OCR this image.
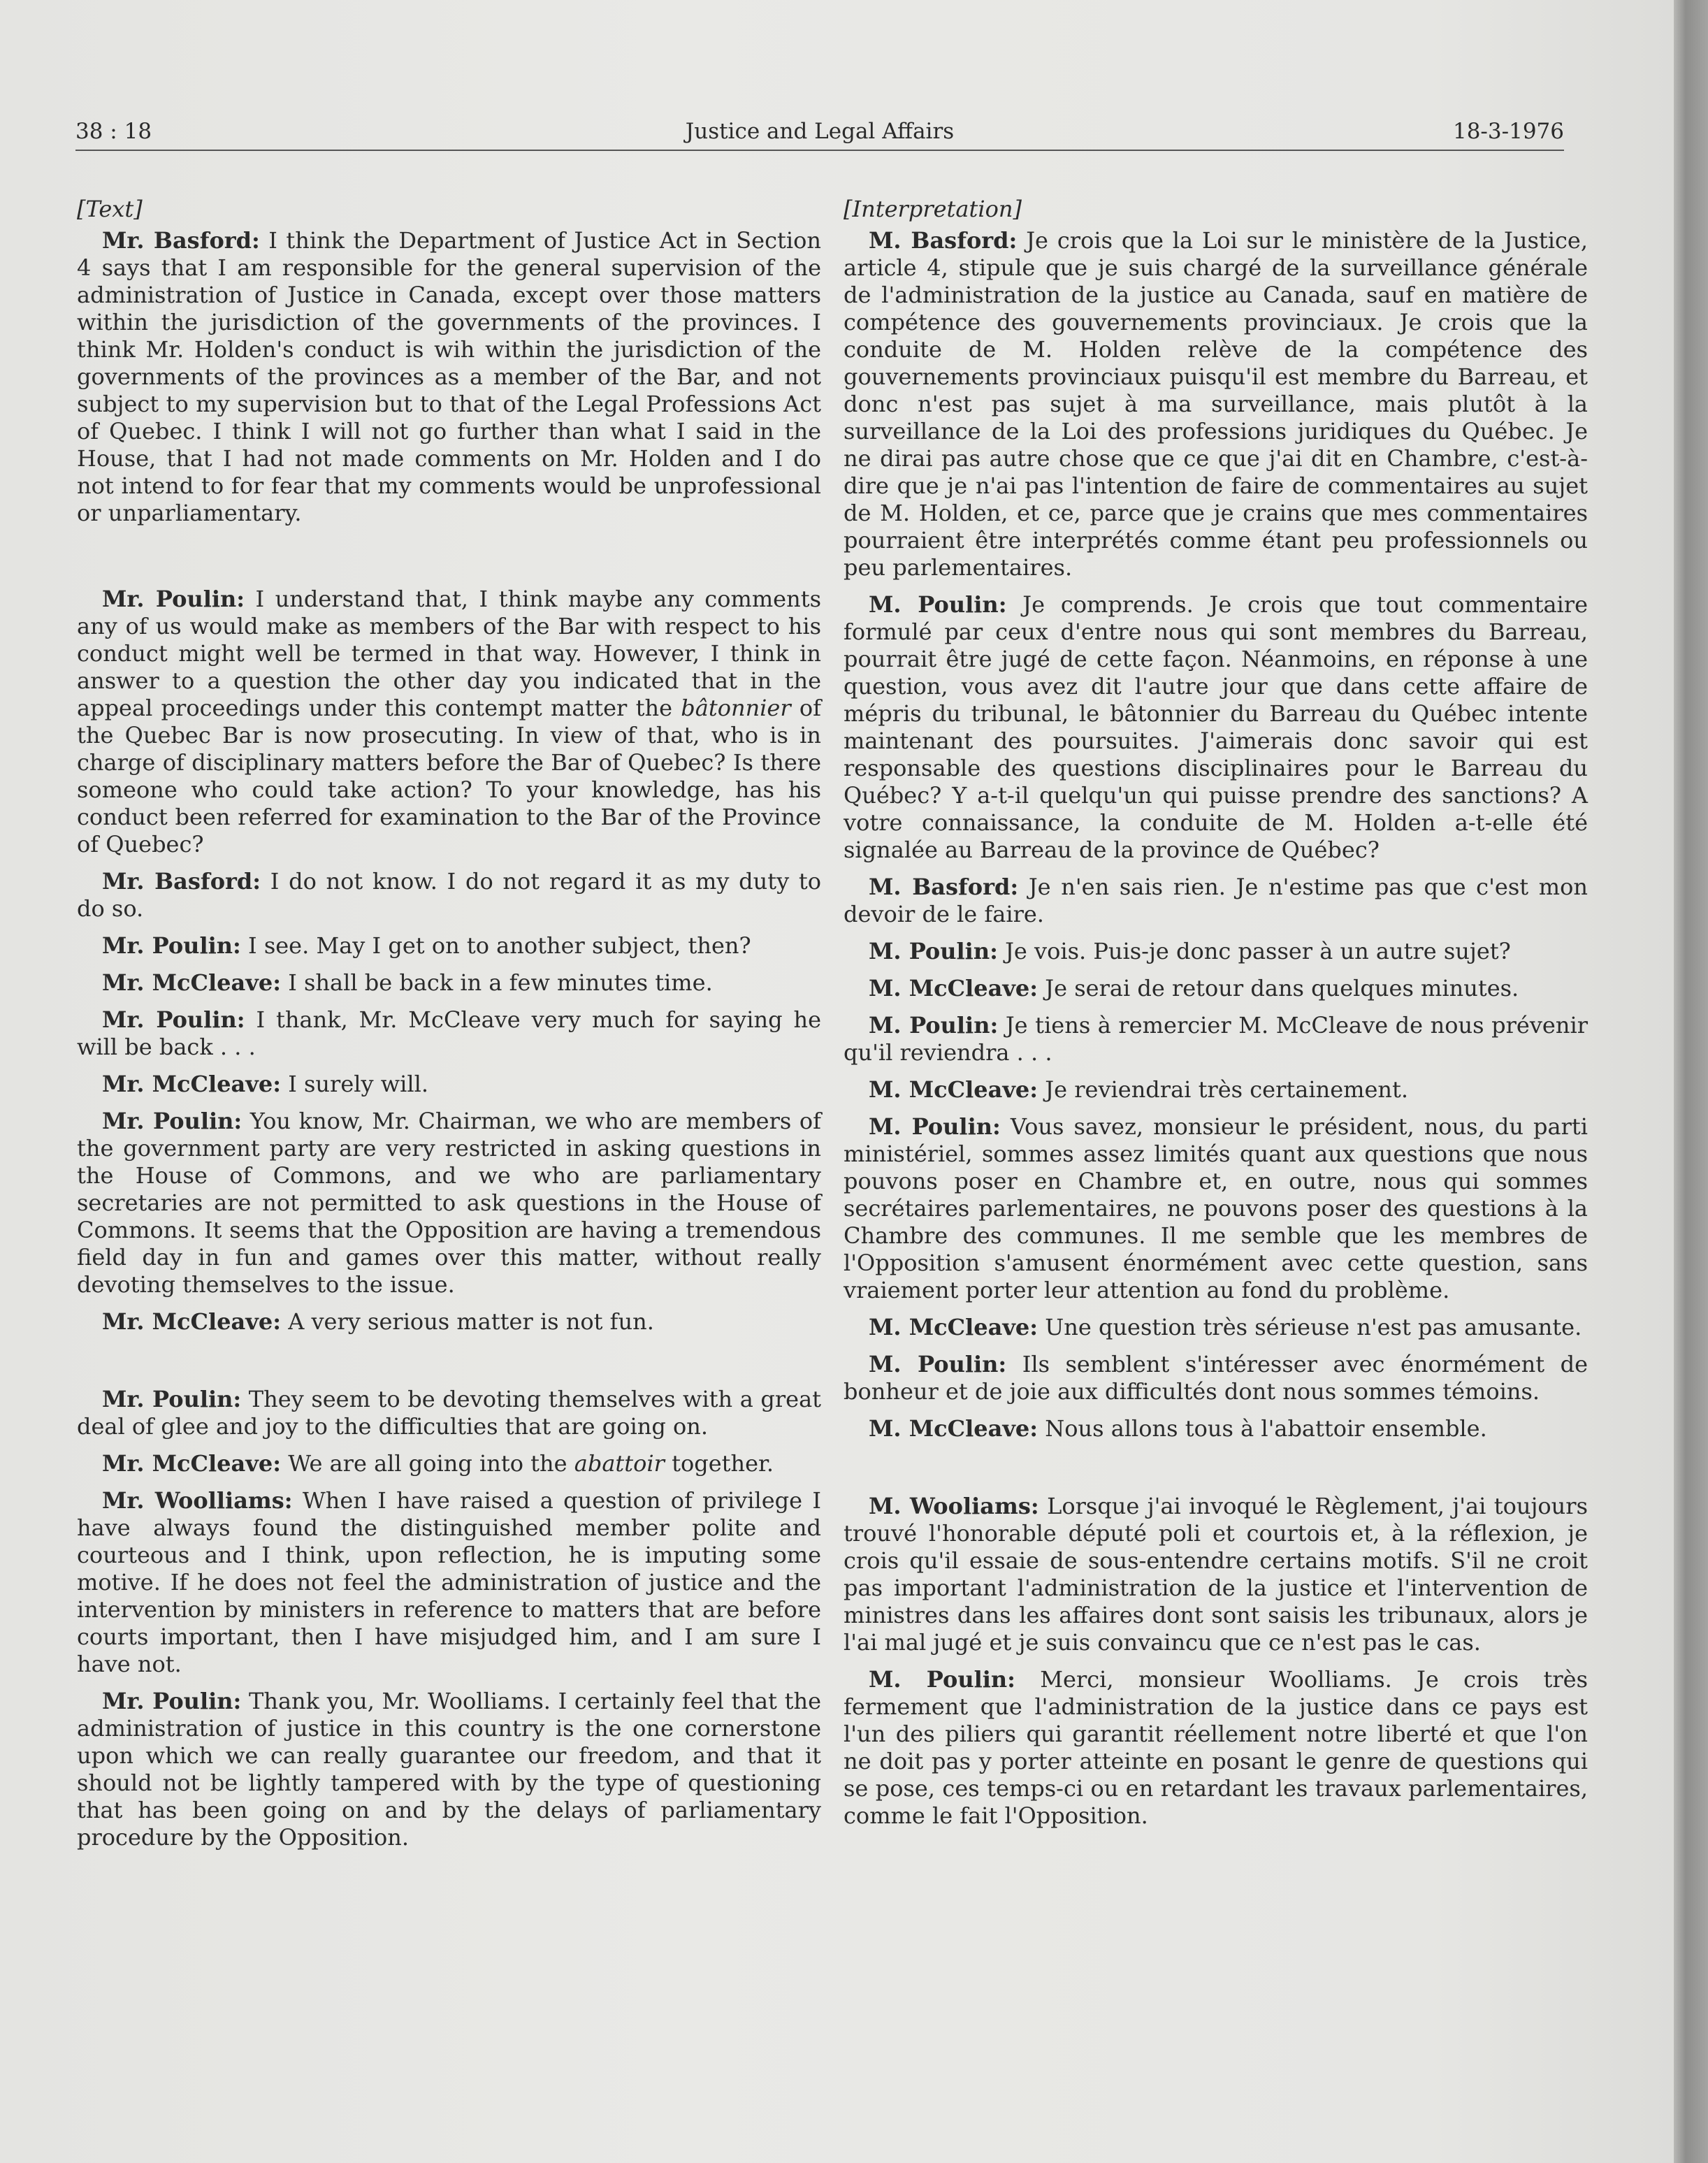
38 : 18	Justice and Legal Affairs	18-3-1976
[Text]

Mr. Basford: I think the Department of Justice Act in Section 4 says that I am responsible for the general supervision of the administration of Justice in Canada, except over those matters within the jurisdiction of the governments of the provinces. I think Mr. Holden's conduct is wih within the jurisdiction of the governments of the provinces as a member of the Bar, and not subject to my supervision but to that of the Legal Professions Act of Quebec. I think I will not go further than what I said in the House, that I had not made comments on Mr. Holden and I do not intend to for fear that my comments would be unprofessional or unparliamentary.

Mr. Poulin: I understand that, I think maybe any comments any of us would make as members of the Bar with respect to his conduct might well be termed in that way. However, I think in answer to a question the other day you indicated that in the appeal proceedings under this contempt matter the bâtonnier of the Quebec Bar is now prosecuting. In view of that, who is in charge of disciplinary matters before the Bar of Quebec? Is there someone who could take action? To your knowledge, has his conduct been referred for examination to the Bar of the Province of Quebec?

Mr. Basford: I do not know. I do not regard it as my duty to do so.

Mr. Poulin: I see. May I get on to another subject, then?

Mr. McCleave: I shall be back in a few minutes time.

Mr. Poulin: I thank, Mr. McCleave very much for saying he will be back . . .

Mr. McCleave: I surely will.

Mr. Poulin: You know, Mr. Chairman, we who are members of the government party are very restricted in asking questions in the House of Commons, and we who are parliamentary secretaries are not permitted to ask questions in the House of Commons. It seems that the Opposition are having a tremendous field day in fun and games over this matter, without really devoting themselves to the issue.

Mr. McCleave: A very serious matter is not fun.

Mr. Poulin: They seem to be devoting themselves with a great deal of glee and joy to the difficulties that are going on.

Mr. McCleave: We are all going into the abattoir together.

Mr. Woolliams: When I have raised a question of privilege I have always found the distinguished member polite and courteous and I think, upon reflection, he is imputing some motive. If he does not feel the administration of justice and the intervention by ministers in reference to matters that are before courts important, then I have misjudged him, and I am sure I have not.

Mr. Poulin: Thank you, Mr. Woolliams. I certainly feel that the administration of justice in this country is the one cornerstone upon which we can really guarantee our freedom, and that it should not be lightly tampered with by the type of questioning that has been going on and by the delays of parliamentary procedure by the Opposition.

[Interpretation]

M. Basford: Je crois que la Loi sur le ministère de la Justice, article 4, stipule que je suis chargé de la surveillance générale de l'administration de la justice au Canada, sauf en matière de compétence des gouvernements provinciaux. Je crois que la conduite de M. Holden relève de la compétence des gouvernements provinciaux puisqu'il est membre du Barreau, et donc n'est pas sujet à ma surveillance, mais plutôt à la surveillance de la Loi des professions juridiques du Québec. Je ne dirai pas autre chose que ce que j'ai dit en Chambre, c'est-à-dire que je n'ai pas l'intention de faire de commentaires au sujet de M. Holden, et ce, parce que je crains que mes commentaires pourraient être interprétés comme étant peu professionnels ou peu parlementaires.

M. Poulin: Je comprends. Je crois que tout commentaire formulé par ceux d'entre nous qui sont membres du Barreau, pourrait être jugé de cette façon. Néanmoins, en réponse à une question, vous avez dit l'autre jour que dans cette affaire de mépris du tribunal, le bâtonnier du Barreau du Québec intente maintenant des poursuites. J'aimerais donc savoir qui est responsable des questions disciplinaires pour le Barreau du Québec? Y a-t-il quelqu'un qui puisse prendre des sanctions? A votre connaissance, la conduite de M. Holden a-t-elle été signalée au Barreau de la province de Québec?

M. Basford: Je n'en sais rien. Je n'estime pas que c'est mon devoir de le faire.

M. Poulin: Je vois. Puis-je donc passer à un autre sujet?

M. McCleave: Je serai de retour dans quelques minutes.

M. Poulin: Je tiens à remercier M. McCleave de nous prévenir qu'il reviendra . . .

M. McCleave: Je reviendrai très certainement.

M. Poulin: Vous savez, monsieur le président, nous, du parti ministériel, sommes assez limités quant aux questions que nous pouvons poser en Chambre et, en outre, nous qui sommes secrétaires parlementaires, ne pouvons poser des questions à la Chambre des communes. Il me semble que les membres de l'Opposition s'amusent énormément avec cette question, sans vraiement porter leur attention au fond du problème.

M. McCleave: Une question très sérieuse n'est pas amusante.

M. Poulin: Ils semblent s'intéresser avec énormément de bonheur et de joie aux difficultés dont nous sommes témoins.

M. McCleave: Nous allons tous à l'abattoir ensemble.

M. Wooliams: Lorsque j'ai invoqué le Règlement, j'ai toujours trouvé l'honorable député poli et courtois et, à la réflexion, je crois qu'il essaie de sous-entendre certains motifs. S'il ne croit pas important l'administration de la justice et l'intervention de ministres dans les affaires dont sont saisis les tribunaux, alors je l'ai mal jugé et je suis convaincu que ce n'est pas le cas.

M. Poulin: Merci, monsieur Woolliams. Je crois très fermement que l'administration de la justice dans ce pays est l'un des piliers qui garantit réellement notre liberté et que l'on ne doit pas y porter atteinte en posant le genre de questions qui se pose, ces temps-ci ou en retardant les travaux parlementaires, comme le fait l'Opposition.
